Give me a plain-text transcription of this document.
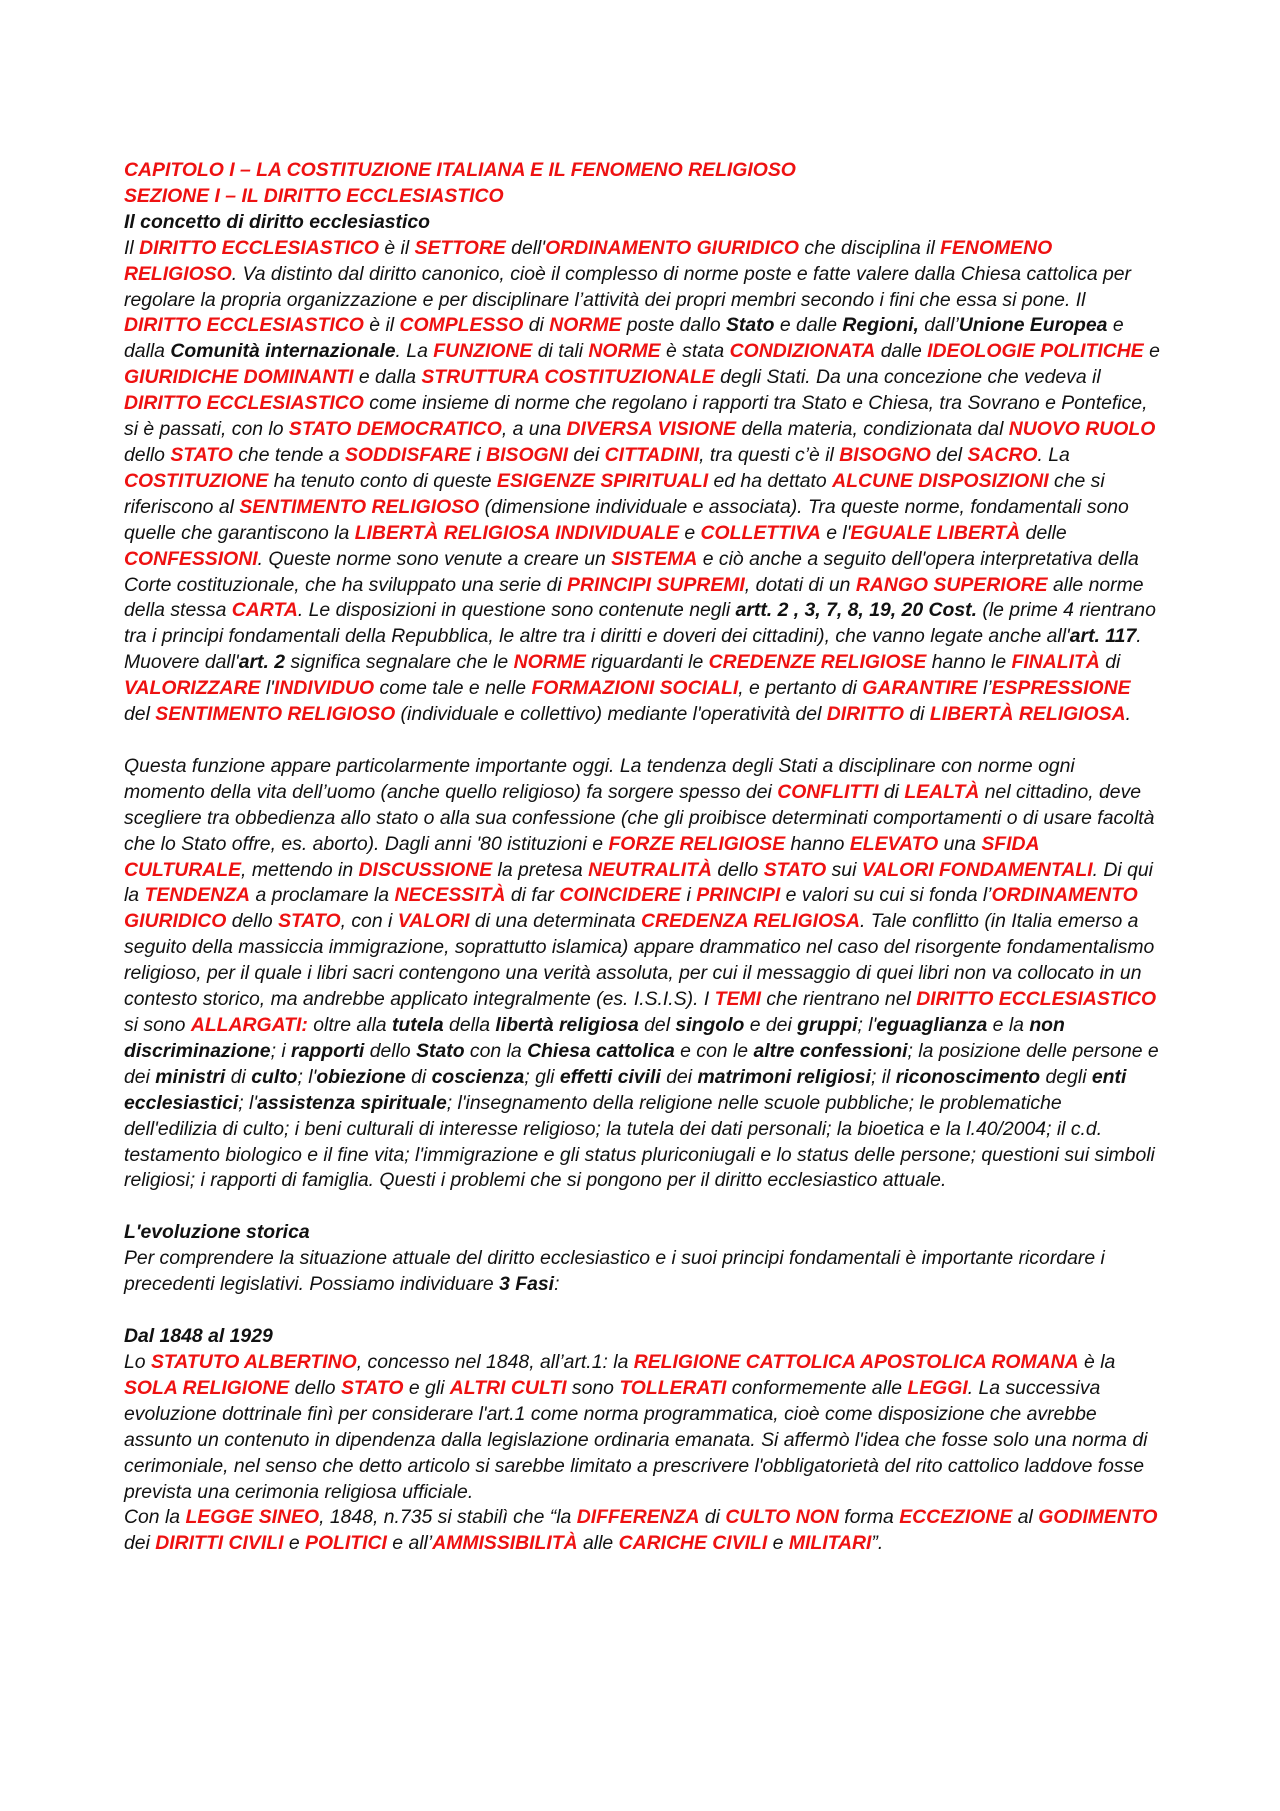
CAPITOLO I – LA COSTITUZIONE ITALIANA E IL FENOMENO RELIGIOSO
SEZIONE I – IL DIRITTO ECCLESIASTICO
Il concetto di diritto ecclesiastico

Il DIRITTO ECCLESIASTICO è il SETTORE dell'ORDINAMENTO GIURIDICO che disciplina il FENOMENO RELIGIOSO. Va distinto dal diritto canonico, cioè il complesso di norme poste e fatte valere dalla Chiesa cattolica per regolare la propria organizzazione e per disciplinare l’attività dei propri membri secondo i fini che essa si pone. Il DIRITTO ECCLESIASTICO è il COMPLESSO di NORME poste dallo Stato e dalle Regioni, dall’Unione Europea e dalla Comunità internazionale. La FUNZIONE di tali NORME è stata CONDIZIONATA dalle IDEOLOGIE POLITICHE e GIURIDICHE DOMINANTI e dalla STRUTTURA COSTITUZIONALE degli Stati. Da una concezione che vedeva il DIRITTO ECCLESIASTICO come insieme di norme che regolano i rapporti tra Stato e Chiesa, tra Sovrano e Pontefice, si è passati, con lo STATO DEMOCRATICO, a una DIVERSA VISIONE della materia, condizionata dal NUOVO RUOLO dello STATO che tende a SODDISFARE i BISOGNI dei CITTADINI, tra questi c’è il BISOGNO del SACRO. La COSTITUZIONE ha tenuto conto di queste ESIGENZE SPIRITUALI ed ha dettato ALCUNE DISPOSIZIONI che si riferiscono al SENTIMENTO RELIGIOSO (dimensione individuale e associata). Tra queste norme, fondamentali sono quelle che garantiscono la LIBERTÀ RELIGIOSA INDIVIDUALE e COLLETTIVA e l'EGUALE LIBERTÀ delle CONFESSIONI. Queste norme sono venute a creare un SISTEMA e ciò anche a seguito dell'opera interpretativa della Corte costituzionale, che ha sviluppato una serie di PRINCIPI SUPREMI, dotati di un RANGO SUPERIORE alle norme della stessa CARTA. Le disposizioni in questione sono contenute negli artt. 2 , 3, 7, 8, 19, 20 Cost. (le prime 4 rientrano tra i principi fondamentali della Repubblica, le altre tra i diritti e doveri dei cittadini), che vanno legate anche all'art. 117. Muovere dall'art. 2 significa segnalare che le NORME riguardanti le CREDENZE RELIGIOSE hanno le FINALITÀ di VALORIZZARE l'INDIVIDUO come tale e nelle FORMAZIONI SOCIALI, e pertanto di GARANTIRE l’ESPRESSIONE del SENTIMENTO RELIGIOSO (individuale e collettivo) mediante l'operatività del DIRITTO di LIBERTÀ RELIGIOSA.

Questa funzione appare particolarmente importante oggi. La tendenza degli Stati a disciplinare con norme ogni momento della vita dell’uomo (anche quello religioso) fa sorgere spesso dei CONFLITTI di LEALTÀ nel cittadino, deve scegliere tra obbedienza allo stato o alla sua confessione (che gli proibisce determinati comportamenti o di usare facoltà che lo Stato offre, es. aborto). Dagli anni '80 istituzioni e FORZE RELIGIOSE hanno ELEVATO una SFIDA CULTURALE, mettendo in DISCUSSIONE la pretesa NEUTRALITÀ dello STATO sui VALORI FONDAMENTALI. Di qui la TENDENZA a proclamare la NECESSITÀ di far COINCIDERE i PRINCIPI e valori su cui si fonda l’ORDINAMENTO GIURIDICO dello STATO, con i VALORI di una determinata CREDENZA RELIGIOSA. Tale conflitto (in Italia emerso a seguito della massiccia immigrazione, soprattutto islamica) appare drammatico nel caso del risorgente fondamentalismo religioso, per il quale i libri sacri contengono una verità assoluta, per cui il messaggio di quei libri non va collocato in un contesto storico, ma andrebbe applicato integralmente (es. I.S.I.S). I TEMI che rientrano nel DIRITTO ECCLESIASTICO si sono ALLARGATI: oltre alla tutela della libertà religiosa del singolo e dei gruppi; l'eguaglianza e la non discriminazione; i rapporti dello Stato con la Chiesa cattolica e con le altre confessioni; la posizione delle persone e dei ministri di culto; l'obiezione di coscienza; gli effetti civili dei matrimoni religiosi; il riconoscimento degli enti ecclesiastici; l'assistenza spirituale; l'insegnamento della religione nelle scuole pubbliche; le problematiche dell'edilizia di culto; i beni culturali di interesse religioso; la tutela dei dati personali; la bioetica e la l.40/2004; il c.d. testamento biologico e il fine vita; l'immigrazione e gli status pluriconiugali e lo status delle persone; questioni sui simboli religiosi; i rapporti di famiglia. Questi i problemi che si pongono per il diritto ecclesiastico attuale.

L'evoluzione storica

Per comprendere la situazione attuale del diritto ecclesiastico e i suoi principi fondamentali è importante ricordare i precedenti legislativi. Possiamo individuare 3 Fasi:

Dal 1848 al 1929

Lo STATUTO ALBERTINO, concesso nel 1848, all’art.1: la RELIGIONE CATTOLICA APOSTOLICA ROMANA è la SOLA RELIGIONE dello STATO e gli ALTRI CULTI sono TOLLERATI conformemente alle LEGGI. La successiva evoluzione dottrinale finì per considerare l'art.1 come norma programmatica, cioè come disposizione che avrebbe assunto un contenuto in dipendenza dalla legislazione ordinaria emanata. Si affermò l'idea che fosse solo una norma di cerimoniale, nel senso che detto articolo si sarebbe limitato a prescrivere l'obbligatorietà del rito cattolico laddove fosse prevista una cerimonia religiosa ufficiale.

Con la LEGGE SINEO, 1848, n.735 si stabilì che “la DIFFERENZA di CULTO NON forma ECCEZIONE al GODIMENTO dei DIRITTI CIVILI e POLITICI e all’AMMISSIBILITÀ alle CARICHE CIVILI e MILITARI”.
